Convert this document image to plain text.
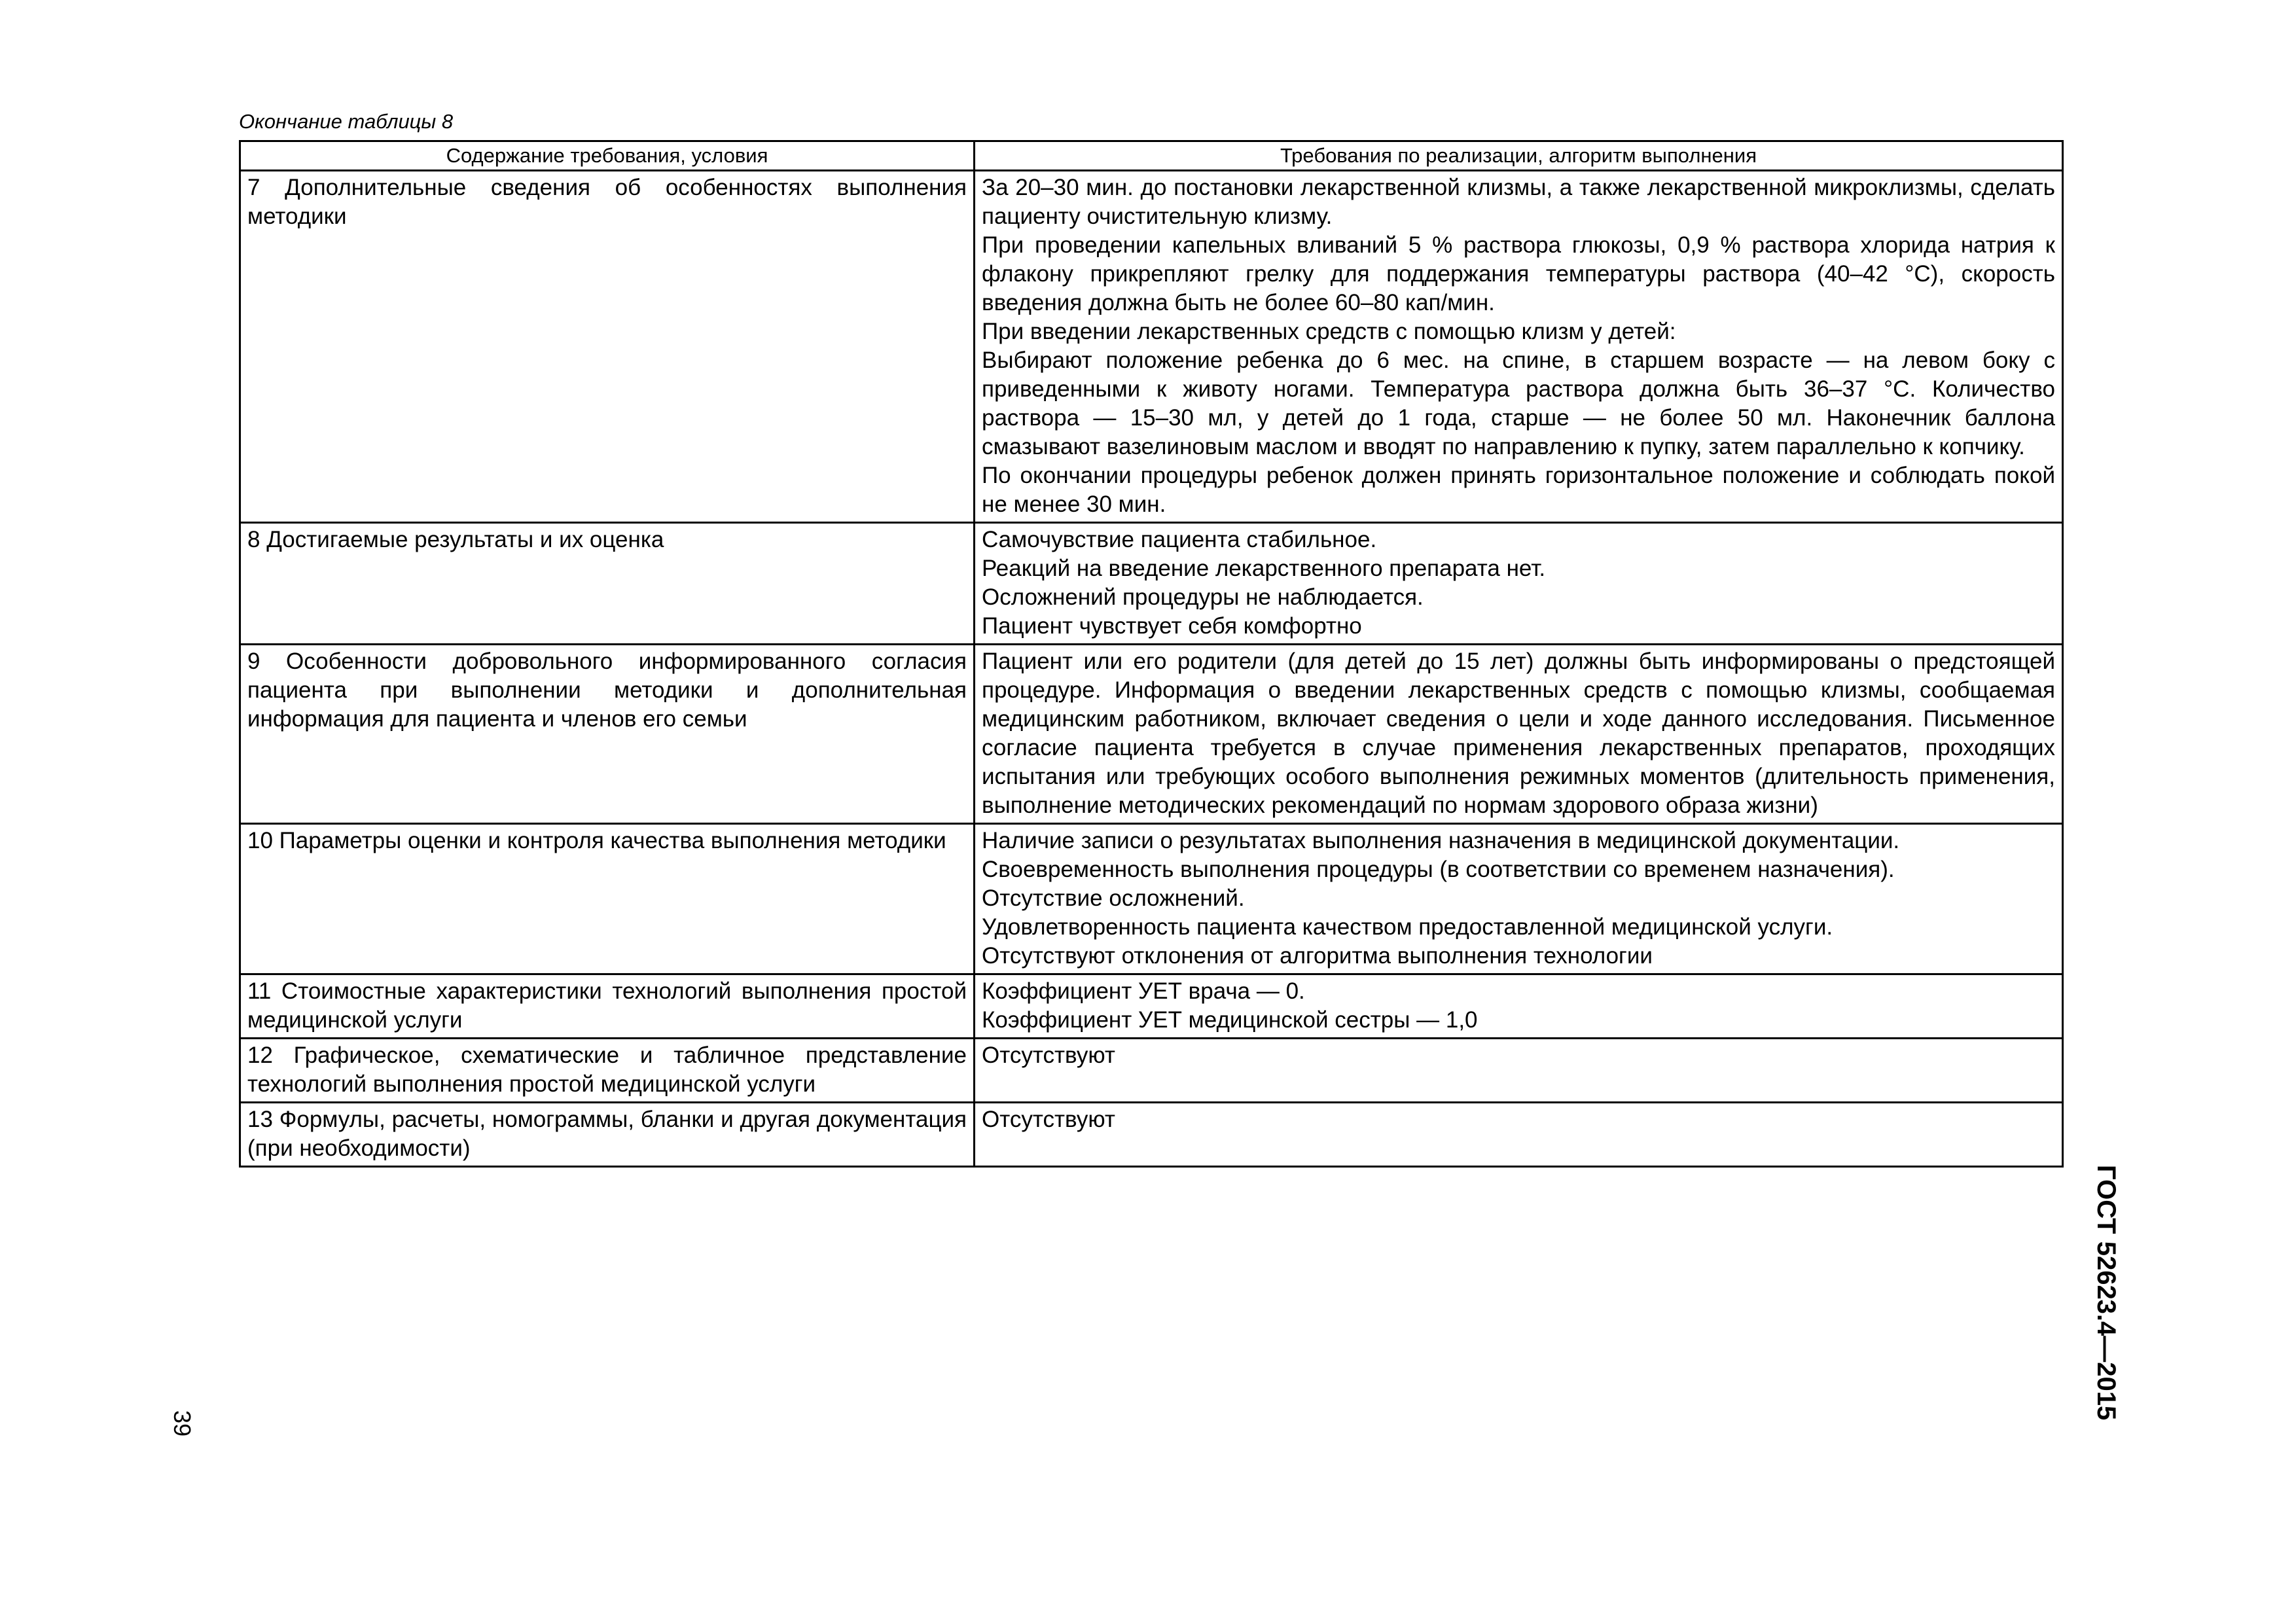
Окончание таблицы 8
Содержание требования, условия	Требования по реализации, алгоритм выполнения
7 Дополнительные сведения об особенностях выполнения методики	За 20–30 мин. до постановки лекарственной клизмы, а также лекарственной микроклизмы, сделать пациенту очистительную клизму.

При проведении капельных вливаний 5 % раствора глюкозы, 0,9 % раствора хлорида натрия к флакону прикрепляют грелку для поддержания температуры раствора (40–42 °С), скорость введения должна быть не более 60–80 кап/мин.

При введении лекарственных средств с помощью клизм у детей:

Выбирают положение ребенка до 6 мес. на спине, в старшем возрасте — на левом боку с приведенными к животу ногами. Температура раствора должна быть 36–37 °С. Количество раствора — 15–30 мл, у детей до 1 года, старше — не более 50 мл. Наконечник баллона смазывают вазелиновым маслом и вводят по направлению к пупку, затем параллельно к копчику.

По окончании процедуры ребенок должен принять горизонтальное положение и соблюдать покой не менее 30 мин.

8 Достигаемые результаты и их оценка	Самочувствие пациента стабильное.

Реакций на введение лекарственного препарата нет.

Осложнений процедуры не наблюдается.

Пациент чувствует себя комфортно

9 Особенности добровольного информированного согласия пациента при выполнении методики и дополнительная информация для пациента и членов его семьи	Пациент или его родители (для детей до 15 лет) должны быть информированы о предстоящей процедуре. Информация о введении лекарственных средств с помощью клизмы, сообщаемая медицинским работником, включает сведения о цели и ходе данного исследования. Письменное согласие пациента требуется в случае применения лекарственных препаратов, проходящих испытания или требующих особого выполнения режимных моментов (длительность применения, выполнение методических рекомендаций по нормам здорового образа жизни)

10 Параметры оценки и контроля качества выполнения методики	Наличие записи о результатах выполнения назначения в медицинской документации.

Своевременность выполнения процедуры (в соответствии со временем назначения).

Отсутствие осложнений.

Удовлетворенность пациента качеством предоставленной медицинской услуги.

Отсутствуют отклонения от алгоритма выполнения технологии

11 Стоимостные характеристики технологий выполнения простой медицинской услуги	Коэффициент УЕТ врача — 0.

Коэффициент УЕТ медицинской сестры — 1,0

12 Графическое, схематические и табличное представление технологий выполнения простой медицинской услуги	Отсутствуют

13 Формулы, расчеты, номограммы, бланки и другая документация (при необходимости)	Отсутствуют

39
ГОСТ 52623.4—2015
